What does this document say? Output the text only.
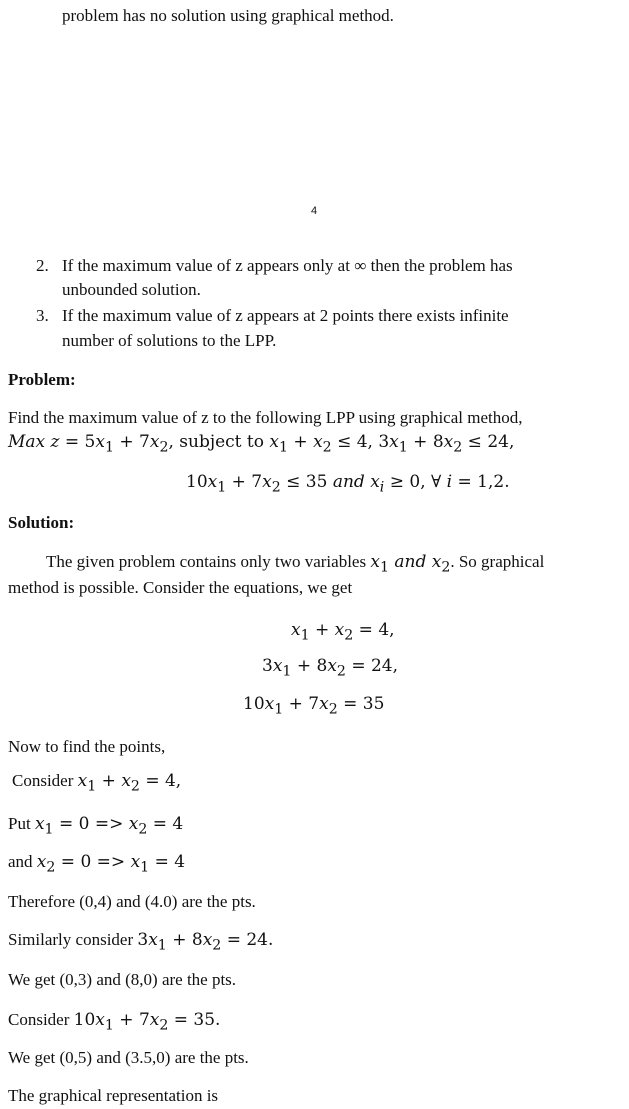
problem has no solution using graphical method.
4
2. If the maximum value of z appears only at ∞ then the problem has
unbounded solution.
3. If the maximum value of z appears at 2 points there exists infinite
number of solutions to the LPP.
Problem:
Find the maximum value of z to the following LPP using graphical method,
Max $z = 5x_1 + 7x_2$, subject to $x_1 + x_2 \le 4$, $3x_1 + 8x_2 \le 24$,
$10x_1 + 7x_2 \le 35$ and $x_i \ge 0$, ∀ i = 1,2.
Solution:
The given problem contains only two variables $x_1$ and $x_2$. So graphical
method is possible. Consider the equations, we get
$x_1 + x_2 = 4$,
$3x_1 + 8x_2 = 24$,
$10x_1 + 7x_2 = 35$
Now to find the points,
Consider $x_1 + x_2 = 4$,
Put $x_1 = 0 => x_2 = 4$
and $x_2 = 0 => x_1 = 4$
Therefore (0,4) and (4.0) are the pts.
Similarly consider $3x_1 + 8x_2 = 24$.
We get (0,3) and (8,0) are the pts.
Consider $10x_1 + 7x_2 = 35$.
We get (0,5) and (3.5,0) are the pts.
The graphical representation is
